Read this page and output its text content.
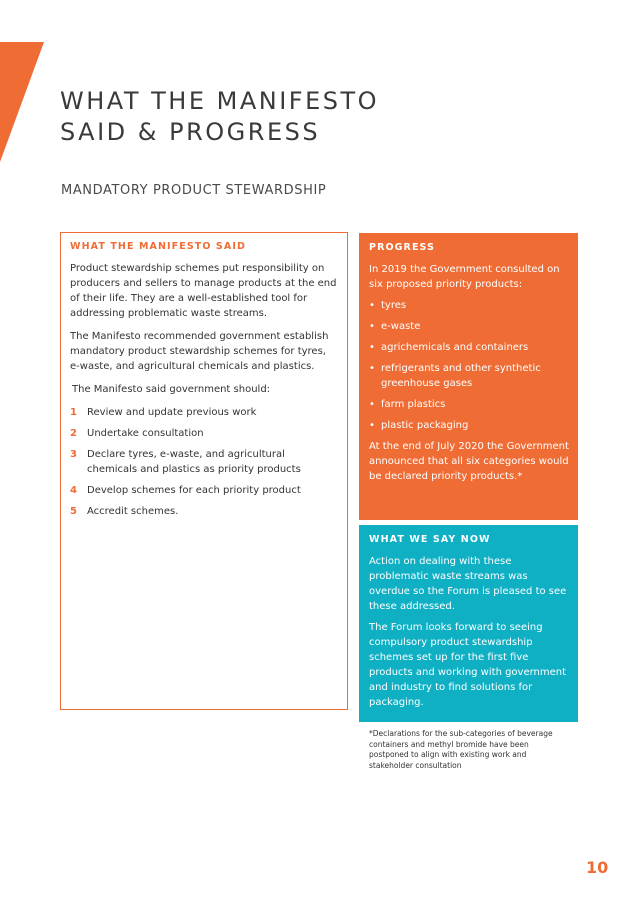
WHAT THE MANIFESTO
SAID & PROGRESS
MANDATORY PRODUCT STEWARDSHIP
WHAT THE MANIFESTO SAID

Product stewardship schemes put responsibility on producers and sellers to manage products at the end of their life. They are a well-established tool for addressing problematic waste streams.

The Manifesto recommended government establish mandatory product stewardship schemes for tyres, e-waste, and agricultural chemicals and plastics.

The Manifesto said government should:

1	Review and update previous work
2	Undertake consultation
3	Declare tyres, e-waste, and agricultural chemicals and plastics as priority products
4	Develop schemes for each priority product
5	Accredit schemes.
PROGRESS

In 2019 the Government consulted on six proposed priority products:

• tyres
• e-waste
• agrichemicals and containers
• refrigerants and other synthetic greenhouse gases
• farm plastics
• plastic packaging

At the end of July 2020 the Government announced that all six categories would be declared priority products.*

WHAT WE SAY NOW

Action on dealing with these problematic waste streams was overdue so the Forum is pleased to see these addressed.

The Forum looks forward to seeing compulsory product stewardship schemes set up for the first five products and working with government and industry to find solutions for packaging.

*Declarations for the sub-categories of beverage containers and methyl bromide have been postponed to align with existing work and stakeholder consultation

10
